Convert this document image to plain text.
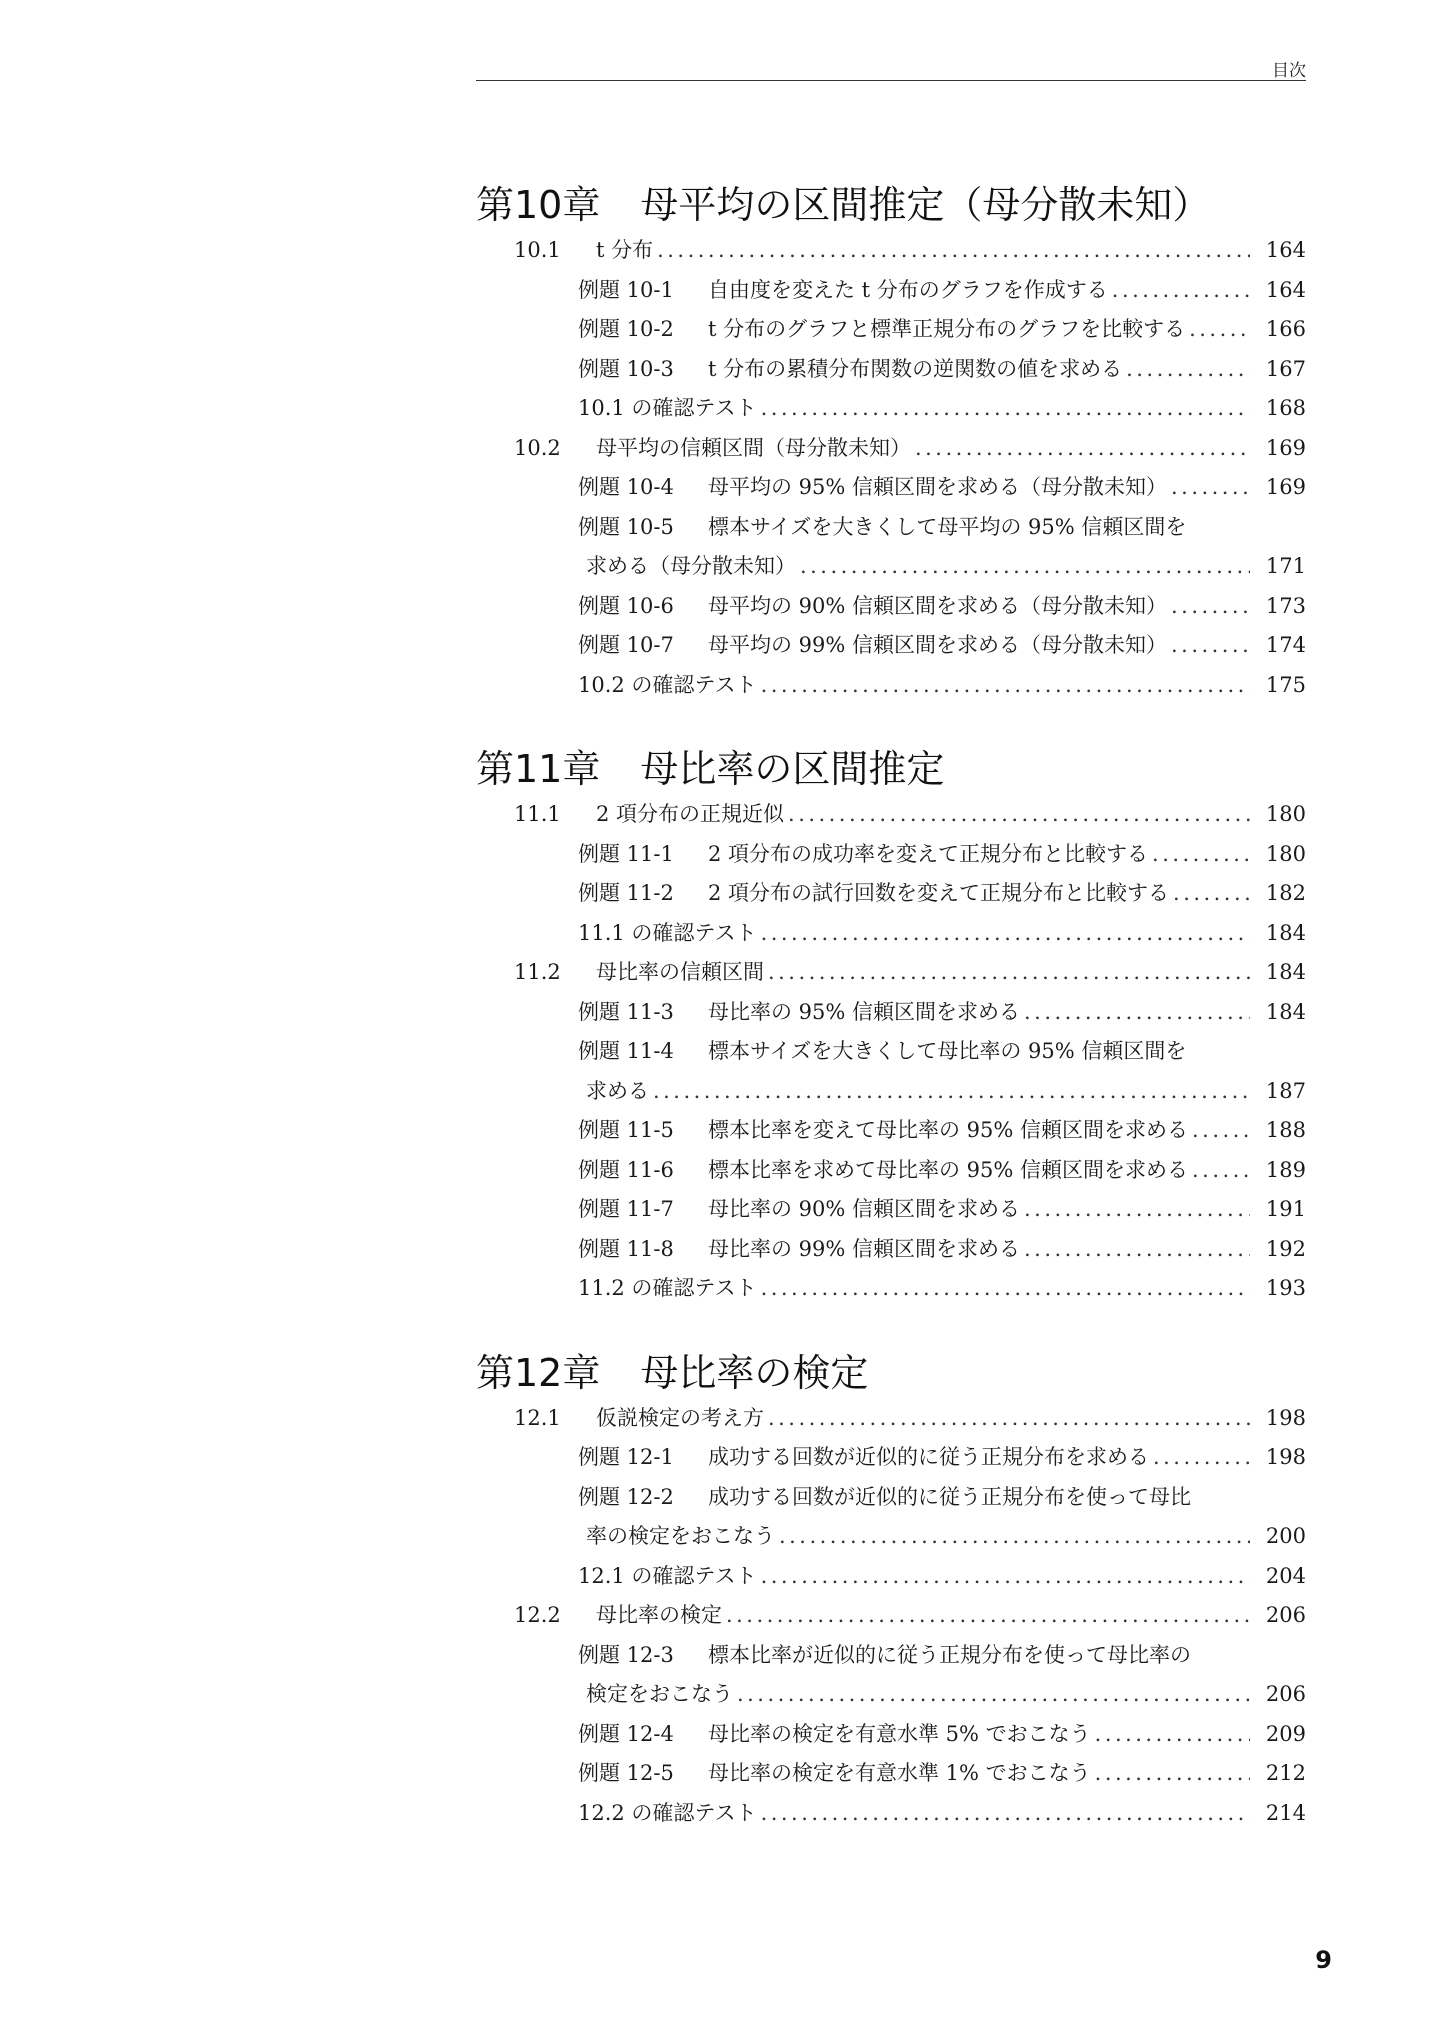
目次
第10章 母平均の区間推定（母分散未知）
10.1	t 分布 . . .	164
例題 10-1	自由度を変えた t 分布のグラフを作成する . . .	164
例題 10-2	t 分布のグラフと標準正規分布のグラフを比較する . . .	166
例題 10-3	t 分布の累積分布関数の逆関数の値を求める . . .	167
10.1 の確認テスト . . .	168
10.2	母平均の信頼区間（母分散未知） . . .	169
例題 10-4	母平均の 95% 信頼区間を求める（母分散未知） . . .	169
例題 10-5	標本サイズを大きくして母平均の 95% 信頼区間を
求める（母分散未知） . . .	171
例題 10-6	母平均の 90% 信頼区間を求める（母分散未知） . . .	173
例題 10-7	母平均の 99% 信頼区間を求める（母分散未知） . . .	174
10.2 の確認テスト . . .	175
第11章 母比率の区間推定
11.1	2 項分布の正規近似 . . .	180
例題 11-1	2 項分布の成功率を変えて正規分布と比較する . . .	180
例題 11-2	2 項分布の試行回数を変えて正規分布と比較する . . .	182
11.1 の確認テスト . . .	184
11.2	母比率の信頼区間 . . .	184
例題 11-3	母比率の 95% 信頼区間を求める . . .	184
例題 11-4	標本サイズを大きくして母比率の 95% 信頼区間を
求める . . .	187
例題 11-5	標本比率を変えて母比率の 95% 信頼区間を求める . . .	188
例題 11-6	標本比率を求めて母比率の 95% 信頼区間を求める . . .	189
例題 11-7	母比率の 90% 信頼区間を求める . . .	191
例題 11-8	母比率の 99% 信頼区間を求める . . .	192
11.2 の確認テスト . . .	193
第12章 母比率の検定
12.1	仮説検定の考え方 . . .	198
例題 12-1	成功する回数が近似的に従う正規分布を求める . . .	198
例題 12-2	成功する回数が近似的に従う正規分布を使って母比
率の検定をおこなう . . .	200
12.1 の確認テスト . . .	204
12.2	母比率の検定 . . .	206
例題 12-3	標本比率が近似的に従う正規分布を使って母比率の
検定をおこなう . . .	206
例題 12-4	母比率の検定を有意水準 5% でおこなう . . .	209
例題 12-5	母比率の検定を有意水準 1% でおこなう . . .	212
12.2 の確認テスト . . .	214
9
